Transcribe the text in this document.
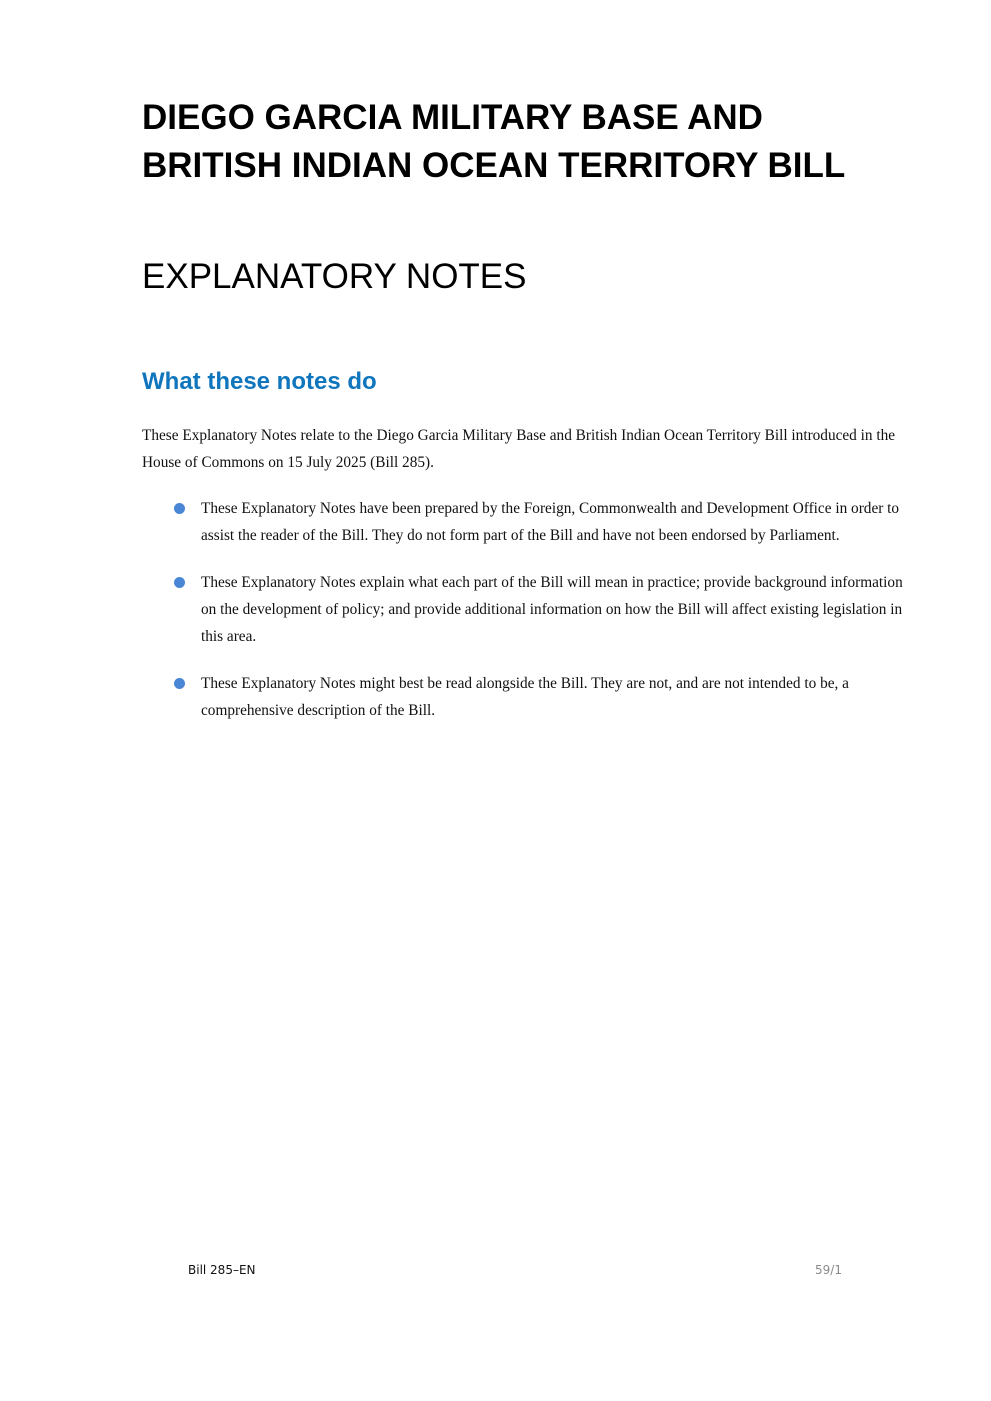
DIEGO GARCIA MILITARY BASE AND
BRITISH INDIAN OCEAN TERRITORY BILL
EXPLANATORY NOTES
What these notes do

These Explanatory Notes relate to the Diego Garcia Military Base and British Indian Ocean Territory Bill introduced in the House of Commons on 15 July 2025 (Bill 285).

These Explanatory Notes have been prepared by the Foreign, Commonwealth and Development Office in order to assist the reader of the Bill. They do not form part of the Bill and have not been endorsed by Parliament.
These Explanatory Notes explain what each part of the Bill will mean in practice; provide background information on the development of policy; and provide additional information on how the Bill will affect existing legislation in this area.
These Explanatory Notes might best be read alongside the Bill. They are not, and are not intended to be, a comprehensive description of the Bill.
Bill 285–EN	59/1
